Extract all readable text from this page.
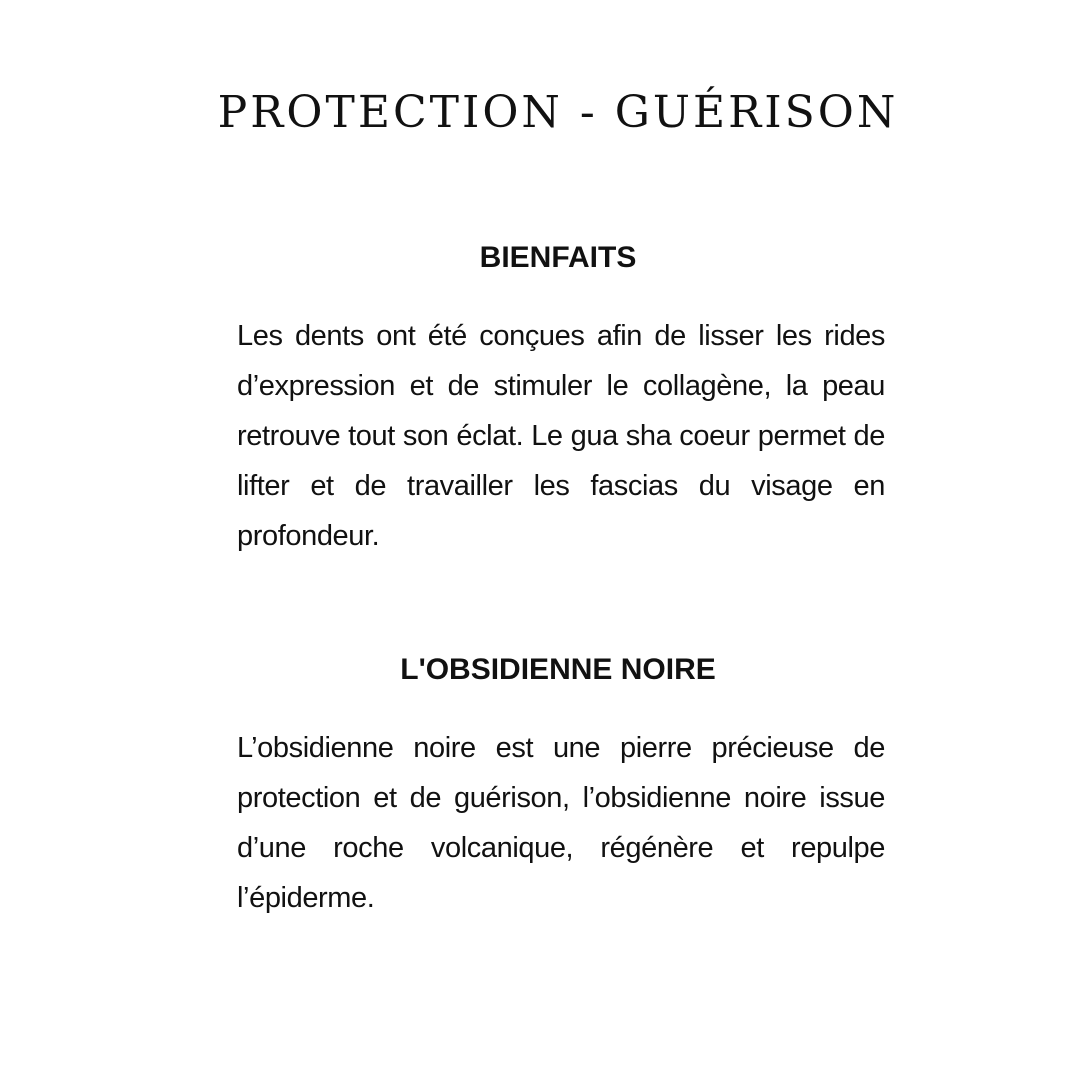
PROTECTION - GUÉRISON
BIENFAITS

Les dents ont été conçues afin de lisser les rides d’expression et de stimuler le collagène, la peau retrouve tout son éclat. Le gua sha coeur permet de lifter et de travailler les fascias du visage en profondeur.

L'OBSIDIENNE NOIRE

L’obsidienne noire est une pierre précieuse de protection et de guérison, l’obsidienne noire issue d’une roche volcanique, régénère et repulpe l’épiderme.
